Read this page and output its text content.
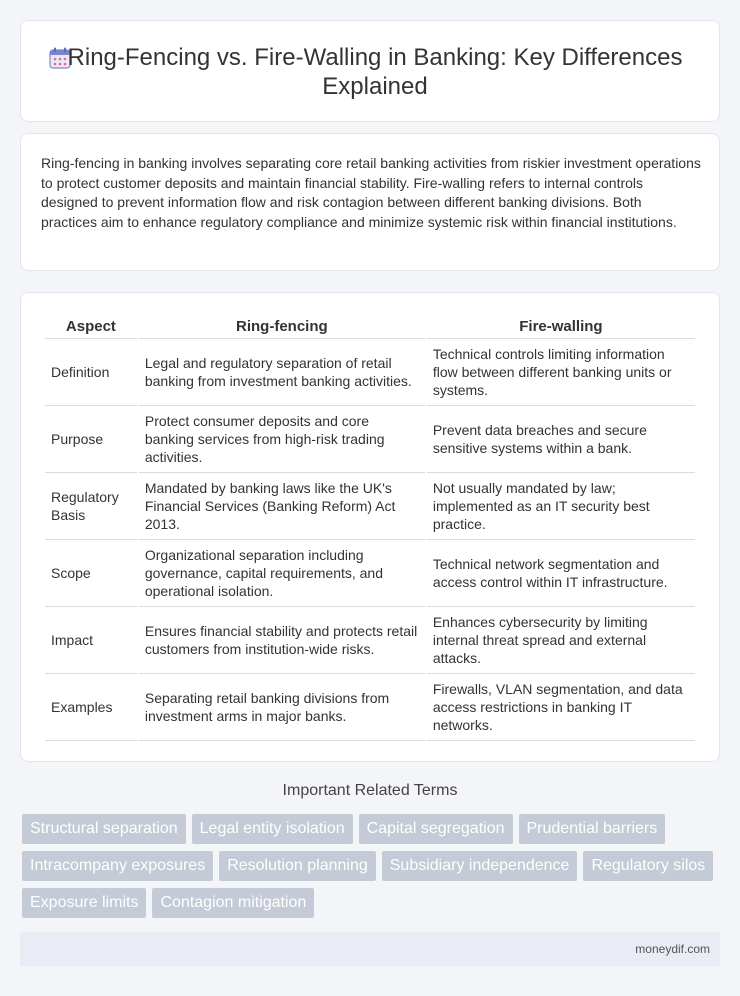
Ring-Fencing vs. Fire-Walling in Banking: Key Differences Explained

Ring-fencing in banking involves separating core retail banking activities from riskier investment operations to protect customer deposits and maintain financial stability. Fire-walling refers to internal controls designed to prevent information flow and risk contagion between different banking divisions. Both practices aim to enhance regulatory compliance and minimize systemic risk within financial institutions.

Aspect	Ring-fencing	Fire-walling
Definition	Legal and regulatory separation of retail banking from investment banking activities.	Technical controls limiting information flow between different banking units or systems.
Purpose	Protect consumer deposits and core banking services from high-risk trading activities.	Prevent data breaches and secure sensitive systems within a bank.
Regulatory Basis	Mandated by banking laws like the UK's Financial Services (Banking Reform) Act 2013.	Not usually mandated by law; implemented as an IT security best practice.
Scope	Organizational separation including governance, capital requirements, and operational isolation.	Technical network segmentation and access control within IT infrastructure.
Impact	Ensures financial stability and protects retail customers from institution-wide risks.	Enhances cybersecurity by limiting internal threat spread and external attacks.
Examples	Separating retail banking divisions from investment arms in major banks.	Firewalls, VLAN segmentation, and data access restrictions in banking IT networks.
Important Related Terms
Structural separation	Legal entity isolation	Capital segregation	Prudential barriers
Intracompany exposures	Resolution planning	Subsidiary independence	Regulatory silos
Exposure limits	Contagion mitigation
moneydif.com
